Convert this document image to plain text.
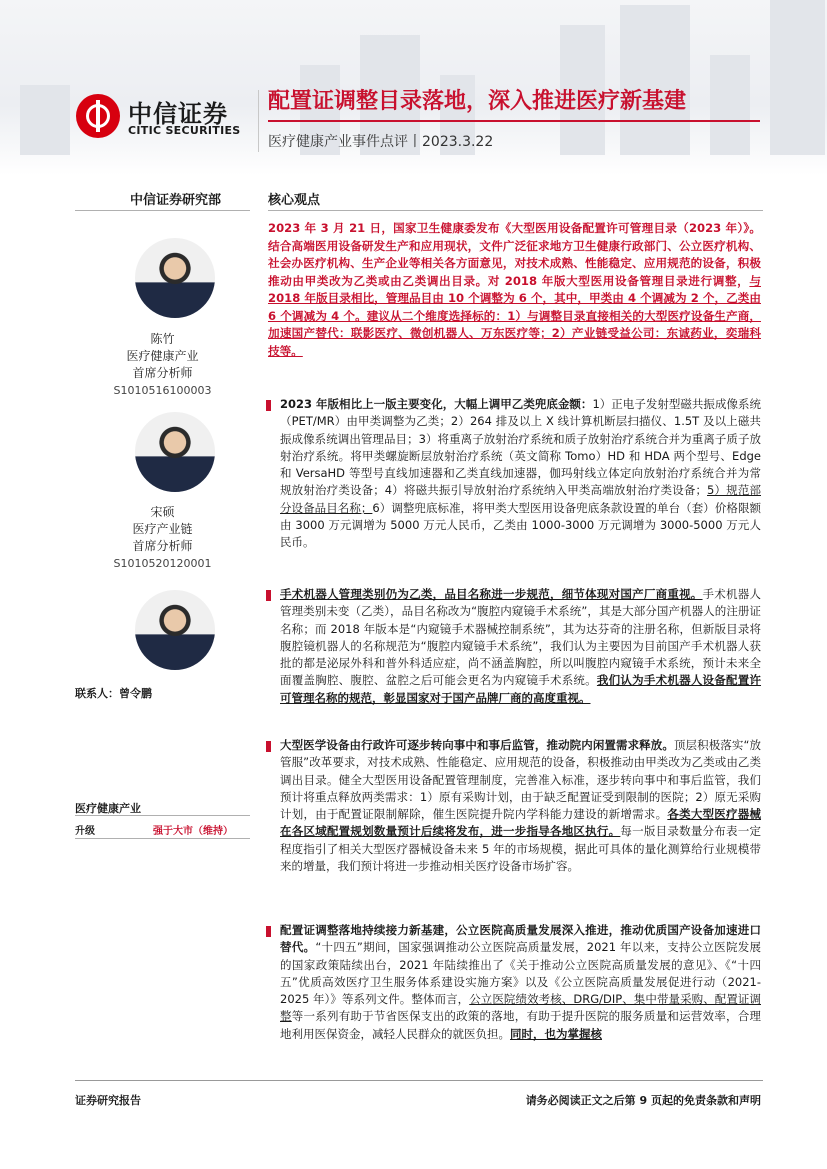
中信证券
CITIC SECURITIES
配置证调整目录落地，深入推进医疗新基建
医疗健康产业事件点评丨2023.3.22
中信证券研究部	核心观点
陈竹
医疗健康产业
首席分析师
S1010516100003
宋硕
医疗产业链
首席分析师
S1010520120001
联系人：曾令鹏
医疗健康产业
升级	强于大市（维持）
2023 年 3 月 21 日，国家卫生健康委发布《大型医用设备配置许可管理目录（2023 年）》。结合高端医用设备研发生产和应用现状，文件广泛征求地方卫生健康行政部门、公立医疗机构、社会办医疗机构、生产企业等相关各方面意见，对技术成熟、性能稳定、应用规范的设备，积极推动由甲类改为乙类或由乙类调出目录。对 2018 年版大型医用设备管理目录进行调整，与 2018 年版目录相比，管理品目由 10 个调整为 6 个，其中，甲类由 4 个调减为 2 个，乙类由 6 个调减为 4 个。建议从二个维度选择标的：1）与调整目录直接相关的大型医疗设备生产商，加速国产替代：联影医疗、微创机器人、万东医疗等；2）产业链受益公司：东诚药业，奕瑞科技等。
2023 年版相比上一版主要变化，大幅上调甲乙类兜底金额：1）正电子发射型磁共振成像系统（PET/MR）由甲类调整为乙类；2）264 排及以上 X 线计算机断层扫描仪、1.5T 及以上磁共振成像系统调出管理品目；3）将重离子放射治疗系统和质子放射治疗系统合并为重离子质子放射治疗系统。将甲类螺旋断层放射治疗系统（英文简称 Tomo）HD 和 HDA 两个型号、Edge 和 VersaHD 等型号直线加速器和乙类直线加速器，伽玛射线立体定向放射治疗系统合并为常规放射治疗类设备；4）将磁共振引导放射治疗系统纳入甲类高端放射治疗类设备；5）规范部分设备品目名称；6）调整兜底标准，将甲类大型医用设备兜底条款设置的单台（套）价格限额由 3000 万元调增为 5000 万元人民币，乙类由 1000-3000 万元调增为 3000-5000 万元人民币。
手术机器人管理类别仍为乙类，品目名称进一步规范，细节体现对国产厂商重视。手术机器人管理类别未变（乙类），品目名称改为“腹腔内窥镜手术系统”，其是大部分国产机器人的注册证名称；而 2018 年版本是“内窥镜手术器械控制系统”，其为达芬奇的注册名称，但新版目录将腹腔镜机器人的名称规范为“腹腔内窥镜手术系统”，我们认为主要因为目前国产手术机器人获批的都是泌尿外科和普外科适应症，尚不涵盖胸腔，所以叫腹腔内窥镜手术系统，预计未来全面覆盖胸腔、腹腔、盆腔之后可能会更名为内窥镜手术系统。我们认为手术机器人设备配置许可管理名称的规范，彰显国家对于国产品牌厂商的高度重视。
大型医学设备由行政许可逐步转向事中和事后监管，推动院内闲置需求释放。顶层积极落实“放管服”改革要求，对技术成熟、性能稳定、应用规范的设备，积极推动由甲类改为乙类或由乙类调出目录。健全大型医用设备配置管理制度，完善准入标准，逐步转向事中和事后监管，我们预计将重点释放两类需求：1）原有采购计划，由于缺乏配置证受到限制的医院；2）原无采购计划，由于配置证限制解除，催生医院提升院内学科能力建设的新增需求。各类大型医疗器械在各区域配置规划数量预计后续将发布，进一步指导各地区执行。每一版目录数量分布表一定程度指引了相关大型医疗器械设备未来 5 年的市场规模，据此可具体的量化测算给行业规模带来的增量，我们预计将进一步推动相关医疗设备市场扩容。
配置证调整落地持续接力新基建，公立医院高质量发展深入推进，推动优质国产设备加速进口替代。“十四五”期间，国家强调推动公立医院高质量发展，2021 年以来，支持公立医院发展的国家政策陆续出台，2021 年陆续推出了《关于推动公立医院高质量发展的意见》、《“十四五”优质高效医疗卫生服务体系建设实施方案》以及《公立医院高质量发展促进行动（2021-2025 年）》等系列文件。整体而言，公立医院绩效考核、DRG/DIP、集中带量采购、配置证调整等一系列有助于节省医保支出的政策的落地，有助于提升医院的服务质量和运营效率，合理地利用医保资金，减轻人民群众的就医负担。同时，也为掌握核
证券研究报告	请务必阅读正文之后第 9 页起的免责条款和声明
